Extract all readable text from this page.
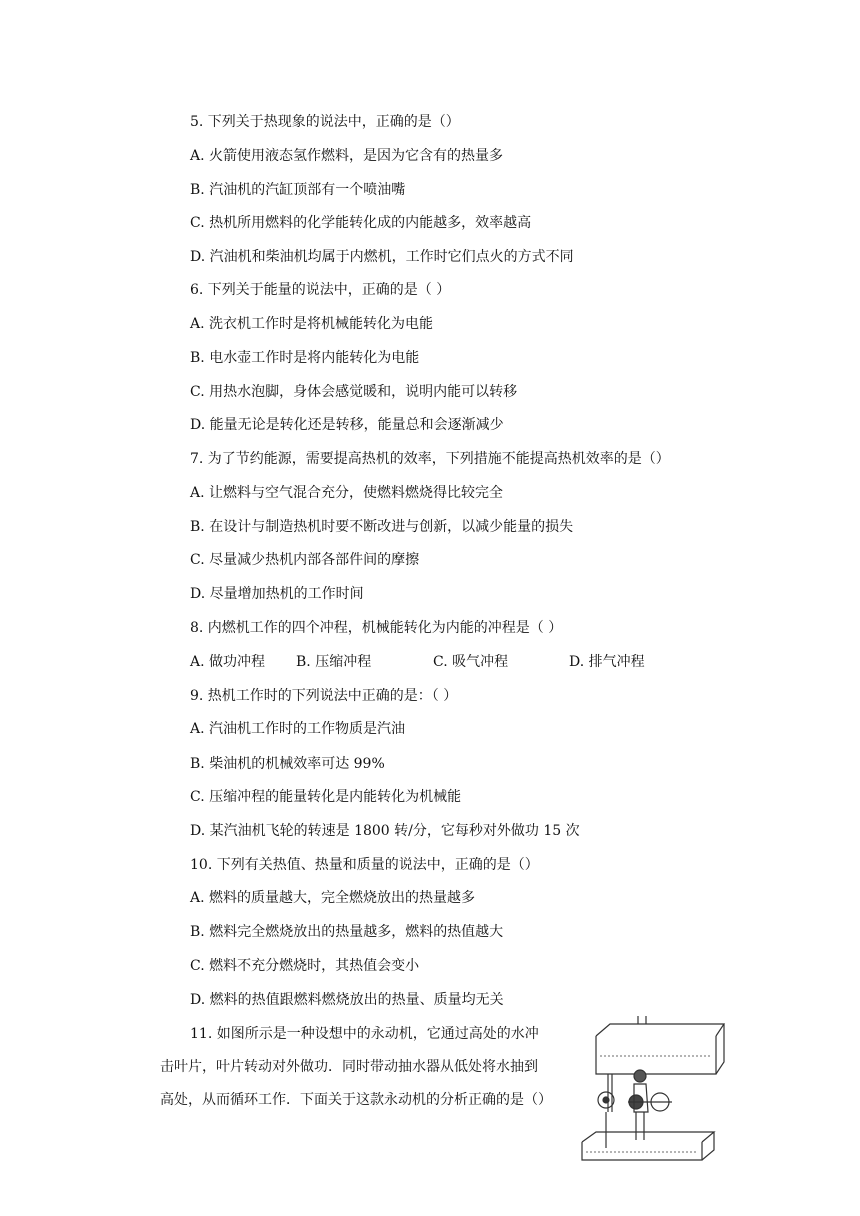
5. 下列关于热现象的说法中，正确的是（）
A. 火箭使用液态氢作燃料，是因为它含有的热量多
B. 汽油机的汽缸顶部有一个喷油嘴
C. 热机所用燃料的化学能转化成的内能越多，效率越高
D. 汽油机和柴油机均属于内燃机，工作时它们点火的方式不同
6. 下列关于能量的说法中，正确的是（ ）
A. 洗衣机工作时是将机械能转化为电能
B. 电水壶工作时是将内能转化为电能
C. 用热水泡脚，身体会感觉暖和，说明内能可以转移
D. 能量无论是转化还是转移，能量总和会逐渐减少
7. 为了节约能源，需要提高热机的效率，下列措施不能提高热机效率的是（）
A. 让燃料与空气混合充分，使燃料燃烧得比较完全
B. 在设计与制造热机时要不断改进与创新，以减少能量的损失
C. 尽量减少热机内部各部件间的摩擦
D. 尽量增加热机的工作时间
8. 内燃机工作的四个冲程，机械能转化为内能的冲程是（ ）
A. 做功冲程 B. 压缩冲程	C. 吸气冲程	D. 排气冲程
9. 热机工作时的下列说法中正确的是：（ ）
A. 汽油机工作时的工作物质是汽油
B. 柴油机的机械效率可达 99%
C. 压缩冲程的能量转化是内能转化为机械能
D. 某汽油机飞轮的转速是 1800 转/分，它每秒对外做功 15 次
10. 下列有关热值、热量和质量的说法中，正确的是（）
A. 燃料的质量越大，完全燃烧放出的热量越多
B. 燃料完全燃烧放出的热量越多，燃料的热值越大
C. 燃料不充分燃烧时，其热值会变小
D. 燃料的热值跟燃料燃烧放出的热量、质量均无关
11. 如图所示是一种设想中的永动机，它通过高处的水冲
击叶片，叶片转动对外做功．同时带动抽水器从低处将水抽到
高处，从而循环工作．下面关于这款永动机的分析正确的是（）
